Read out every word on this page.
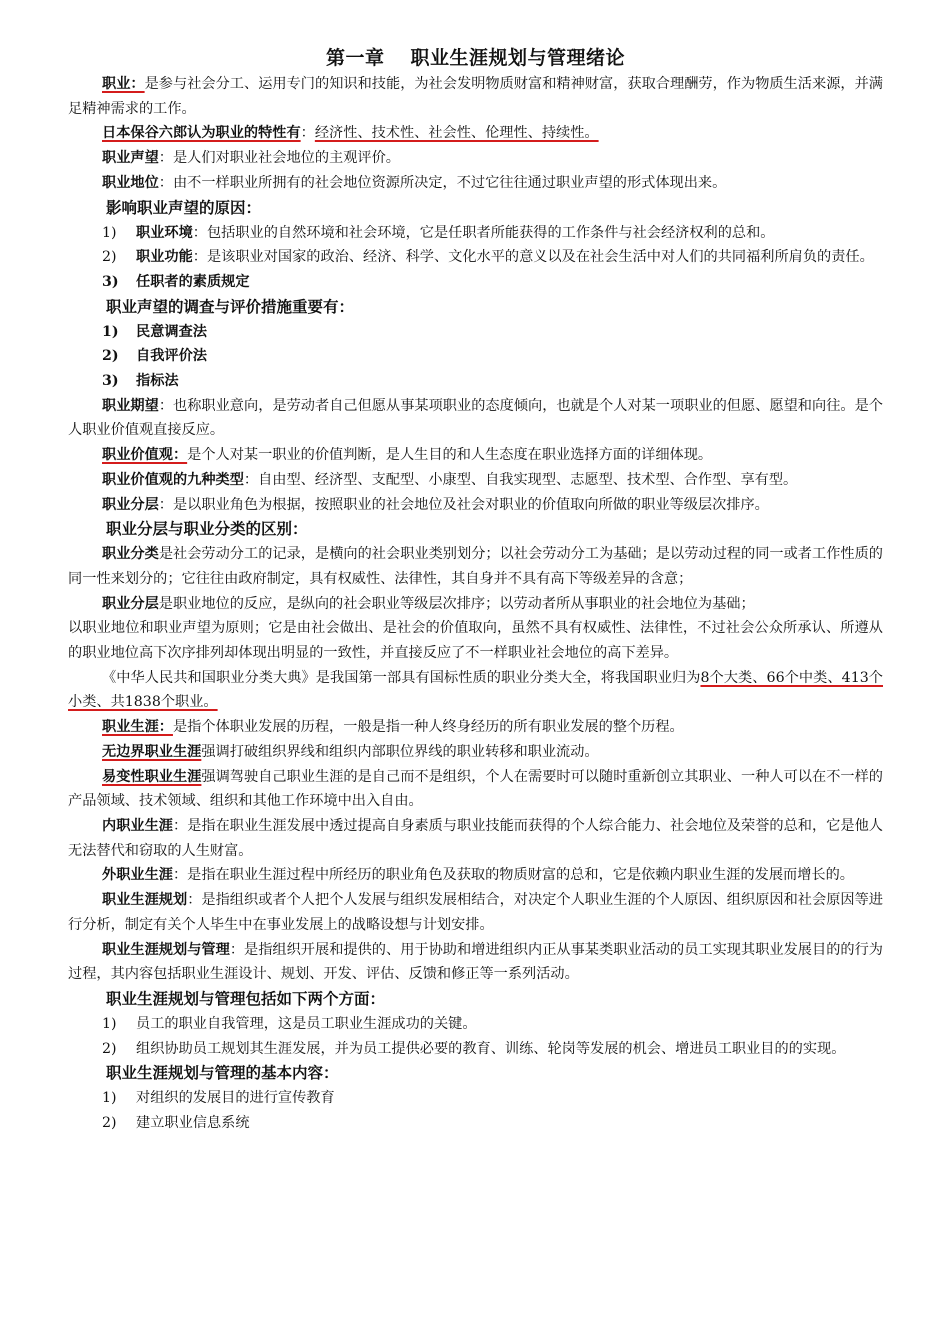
第一章 职业生涯规划与管理绪论

职业：是参与社会分工、运用专门的知识和技能，为社会发明物质财富和精神财富，获取合理酬劳，作为物质生活来源，并满足精神需求的工作。

日本保谷六郎认为职业的特性有：经济性、技术性、社会性、伦理性、持续性。

职业声望：是人们对职业社会地位的主观评价。

职业地位：由不一样职业所拥有的社会地位资源所决定，不过它往往通过职业声望的形式体现出来。

影响职业声望的原因：

1) 职业环境：包括职业的自然环境和社会环境，它是任职者所能获得的工作条件与社会经济权利的总和。

2) 职业功能：是该职业对国家的政治、经济、科学、文化水平的意义以及在社会生活中对人们的共同福利所肩负的责任。

3) 任职者的素质规定

职业声望的调查与评价措施重要有：

1) 民意调查法

2) 自我评价法

3) 指标法

职业期望：也称职业意向，是劳动者自己但愿从事某项职业的态度倾向，也就是个人对某一项职业的但愿、愿望和向往。是个人职业价值观直接反应。

职业价值观：是个人对某一职业的价值判断，是人生目的和人生态度在职业选择方面的详细体现。

职业价值观的九种类型：自由型、经济型、支配型、小康型、自我实现型、志愿型、技术型、合作型、享有型。

职业分层：是以职业角色为根据，按照职业的社会地位及社会对职业的价值取向所做的职业等级层次排序。

职业分层与职业分类的区别：

职业分类是社会劳动分工的记录，是横向的社会职业类别划分；以社会劳动分工为基础；是以劳动过程的同一或者工作性质的同一性来划分的；它往往由政府制定，具有权威性、法律性，其自身并不具有高下等级差异的含意；

职业分层是职业地位的反应，是纵向的社会职业等级层次排序；以劳动者所从事职业的社会地位为基础；

以职业地位和职业声望为原则；它是由社会做出、是社会的价值取向，虽然不具有权威性、法律性，不过社会公众所承认、所遵从的职业地位高下次序排列却体现出明显的一致性，并直接反应了不一样职业社会地位的高下差异。

《中华人民共和国职业分类大典》是我国第一部具有国标性质的职业分类大全，将我国职业归为8个大类、66个中类、413个小类、共1838个职业。

职业生涯：是指个体职业发展的历程，一般是指一种人终身经历的所有职业发展的整个历程。

无边界职业生涯强调打破组织界线和组织内部职位界线的职业转移和职业流动。

易变性职业生涯强调驾驶自己职业生涯的是自己而不是组织，个人在需要时可以随时重新创立其职业、一种人可以在不一样的产品领域、技术领域、组织和其他工作环境中出入自由。

内职业生涯：是指在职业生涯发展中透过提高自身素质与职业技能而获得的个人综合能力、社会地位及荣誉的总和，它是他人无法替代和窃取的人生财富。

外职业生涯：是指在职业生涯过程中所经历的职业角色及获取的物质财富的总和，它是依赖内职业生涯的发展而增长的。

职业生涯规划：是指组织或者个人把个人发展与组织发展相结合，对决定个人职业生涯的个人原因、组织原因和社会原因等进行分析，制定有关个人毕生中在事业发展上的战略设想与计划安排。

职业生涯规划与管理：是指组织开展和提供的、用于协助和增进组织内正从事某类职业活动的员工实现其职业发展目的的行为过程，其内容包括职业生涯设计、规划、开发、评估、反馈和修正等一系列活动。

职业生涯规划与管理包括如下两个方面：

1) 员工的职业自我管理，这是员工职业生涯成功的关键。

2) 组织协助员工规划其生涯发展，并为员工提供必要的教育、训练、轮岗等发展的机会、增进员工职业目的的实现。

职业生涯规划与管理的基本内容：

1) 对组织的发展目的进行宣传教育

2) 建立职业信息系统
